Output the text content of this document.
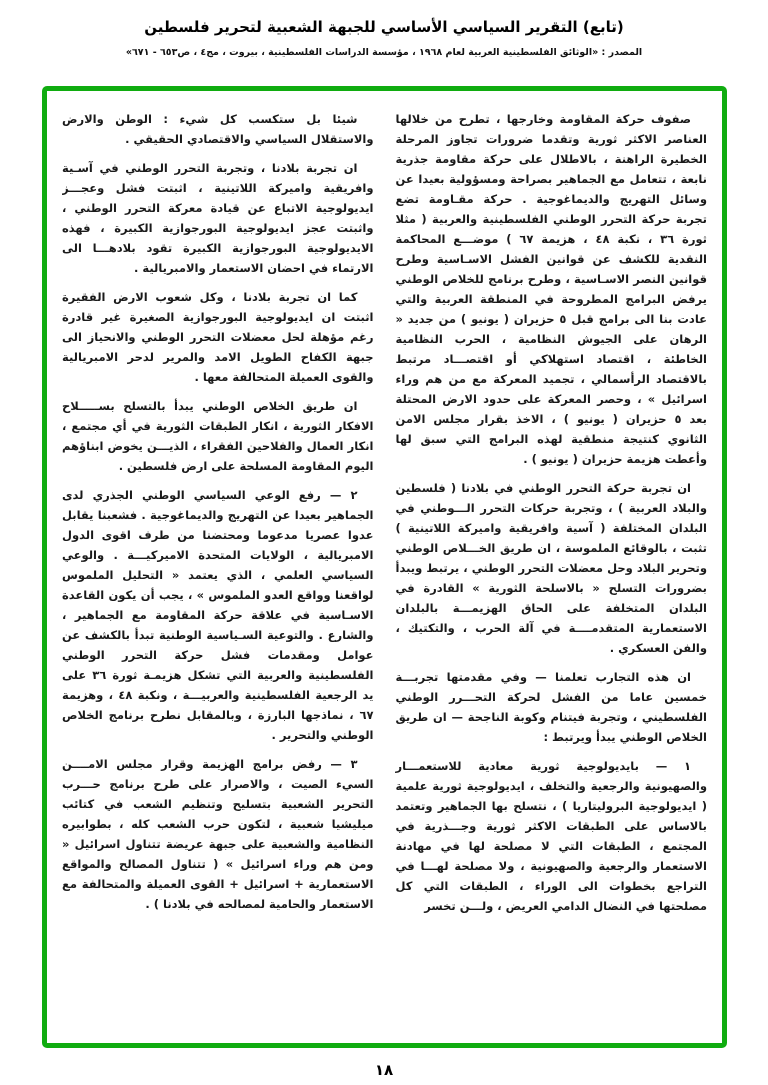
(تابع) التقرير السياسي الأساسي للجبهة الشعبية لتحرير فلسطين
المصدر : «الوثائق الفلسطينية العربية لعام ١٩٦٨ ، مؤسسة الدراسات الفلسطينية ، بيروت ، مج٤ ، ص٦٥٣ - ٦٧١»

صفوف حركة المقاومة وخارجها ، تطرح من خلالها العناصر الاكثر ثورية وتقدما ضرورات تجاوز المرحلة الخطيرة الراهنة ، بالاطلال على حركة مقاومة جذرية نابعة ، تتعامل مع الجماهير بصراحة ومسؤولية بعيدا عن وسائل التهريج والديماغوجية . حركة مقـاومة تضع تجربة حركة التحرر الوطني الفلسطينية والعربية ( مثلا ثورة ٣٦ ، نكبة ٤٨ ، هزيمة ٦٧ ) موضـــع المحاكمة النقدية للكشف عن قوانين الفشل الاسـاسية وطرح قوانين النصر الاسـاسية ، وطرح برنامج للخلاص الوطني يرفض البرامج المطروحة في المنطقة العربية والتي عادت بنا الى برامج قبل ٥ حزيران ( يونيو ) من جديد « الرهان على الجيوش النظامية ، الحرب النظامية الخاطئة ، اقتصاد استهلاكي أو اقتصـــاد مرتبط بالاقتصاد الرأسمالي ، تجميد المعركة مع من هم وراء اسرائيل » ، وحصر المعركة على حدود الارض المحتلة بعد ٥ حزيران ( يونيو ) ، الاخذ بقرار مجلس الامن الثانوي كنتيجة منطقية لهذه البرامج التي سبق لها وأعطت هزيمة حزيران ( يونيو ) .

ان تجربة حركة التحرر الوطني في بلادنا ( فلسطين والبلاد العربية ) ، وتجربة حركات التحرر الـــوطني في البلدان المختلفة ( آسية وافريقية واميركة اللاتينية ) تثبت ، بالوقائع الملموسة ، ان طريق الخـــلاص الوطني وتحرير البلاد وحل معضلات التحرر الوطني ، يرتبط ويبدأ بضرورات التسلح « بالاسلحة الثورية » القادرة في البلدان المتخلفة على الحاق الهزيمـــة بالبلدان الاستعمارية المتقدمــــة في آلة الحرب ، والتكتيك ، والفن العسكري .

ان هذه التجارب تعلمنا — وفي مقدمتها تجربـــة خمسين عاما من الفشل لحركة التحـــرر الوطني الفلسطيني ، وتجربة فيتنام وكوبة الناجحة — ان طريق الخلاص الوطني يبدأ ويرتبط :

١ — بايديولوجية ثورية معادية للاستعمـــار والصهيونية والرجعية والتخلف ، ايديولوجية ثورية علمية ( ايديولوجية البروليتاريا ) ، نتسلح بها الجماهير وتعتمد بالاساس على الطبقات الاكثر ثورية وجـــذرية في المجتمع ، الطبقات التي لا مصلحة لها في مهادنة الاستعمار والرجعية والصهيونية ، ولا مصلحة لهـــا في التراجع بخطوات الى الوراء ، الطبقات التي كل مصلحتها في النضال الدامي العريض ، ولـــن تخسر

شيئا بل ستكسب كل شيء : الوطن والارض والاستقلال السياسي والاقتصادي الحقيقي .

ان تجربة بلادنا ، وتجربة التحرر الوطني في آسـية وافريقية واميركة اللاتينية ، اثبتت فشل وعجـــز ايديولوجية الاتباع عن قيادة معركة التحرر الوطني ، واثبتت عجز ايديولوجية البورجوازية الكبيرة ، فهذه الايديولوجية البورجوازية الكبيرة تقود بلادهـــا الى الارتماء في احضان الاستعمار والامبريالية .

كما ان تجربة بلادنا ، وكل شعوب الارض الفقيرة اثبتت ان ايديولوجية البورجوازية الصغيرة غير قادرة رغم مؤهلة لحل معضلات التحرر الوطني والانحياز الى جبهة الكفاح الطويل الامد والمرير لدحر الامبريالية والقوى العميلة المتحالفة معها .

ان طريق الخلاص الوطني يبدأ بالتسلح بســـــلاح الافكار الثورية ، انكار الطبقات الثورية في أي مجتمع ، انكار العمال والفلاحين الفقراء ، الذيـــن يخوض ابناؤهم اليوم المقاومة المسلحة على ارض فلسطين .

٢ — رفع الوعي السياسي الوطني الجذري لدى الجماهير بعيدا عن التهريج والديماغوجية . فشعبنا يقابل عدوا عصريا مدعوما ومحتضنا من طرف اقوى الدول الامبريالية ، الولايات المتحدة الاميركيـــة . والوعي السياسي العلمي ، الذي يعتمد « التحليل الملموس لواقعنا وواقع العدو الملموس » ، يجب أن يكون القاعدة الاسـاسية في علاقة حركة المقاومة مع الجماهير ، والشارع . والتوعية السـياسية الوطنية تبدأ بالكشف عن عوامل ومقدمات فشل حركة التحرر الوطني الفلسطينية والعربية التي تشكل هزيمـة ثورة ٣٦ على يد الرجعية الفلسطينية والعربيـــة ، ونكبة ٤٨ ، وهزيمة ٦٧ ، نماذجها البارزة ، وبالمقابل نطرح برنامج الخلاص الوطني والتحرير .

٣ — رفض برامج الهزيمة وقرار مجلس الامــــن السيء الصيت ، والاصرار على طرح برنامج حـــرب التحرير الشعبية بتسليح وتنظيم الشعب في كتائب ميليشيا شعبية ، لتكون حرب الشعب كله ، بطوابيره النظامية والشعبية على جبهة عريضة تتناول اسرائيل « ومن هم وراء اسرائيل » ( تتناول المصالح والمواقع الاستعمارية + اسرائيل + القوى العميلة والمتحالفة مع الاستعمار والحامية لمصالحه في بلادنا ) .

١٨
